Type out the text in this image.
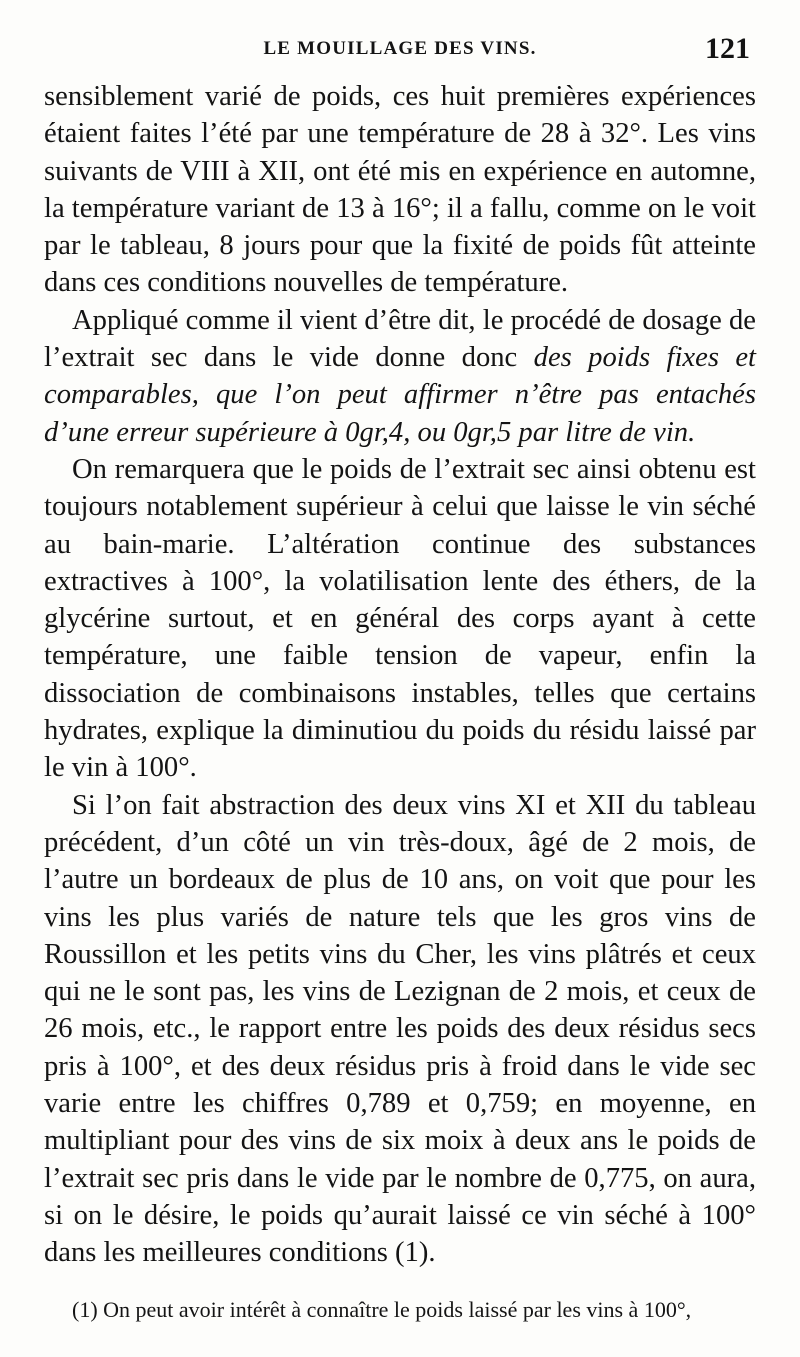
LE MOUILLAGE DES VINS.	121

sensiblement varié de poids, ces huit premières expériences étaient faites l’été par une température de 28 à 32°. Les vins suivants de VIII à XII, ont été mis en expérience en automne, la température variant de 13 à 16°; il a fallu, comme on le voit par le tableau, 8 jours pour que la fixité de poids fût atteinte dans ces conditions nouvelles de température.

Appliqué comme il vient d’être dit, le procédé de dosage de l’extrait sec dans le vide donne donc des poids fixes et comparables, que l’on peut affirmer n’être pas entachés d’une erreur supérieure à 0gr,4, ou 0gr,5 par litre de vin.

On remarquera que le poids de l’extrait sec ainsi obtenu est toujours notablement supérieur à celui que laisse le vin séché au bain-marie. L’altération continue des substances extractives à 100°, la volatilisation lente des éthers, de la glycérine surtout, et en général des corps ayant à cette température, une faible tension de vapeur, enfin la dissociation de combinaisons instables, telles que certains hydrates, explique la diminutiou du poids du résidu laissé par le vin à 100°.

Si l’on fait abstraction des deux vins XI et XII du tableau précédent, d’un côté un vin très-doux, âgé de 2 mois, de l’autre un bordeaux de plus de 10 ans, on voit que pour les vins les plus variés de nature tels que les gros vins de Roussillon et les petits vins du Cher, les vins plâtrés et ceux qui ne le sont pas, les vins de Lezignan de 2 mois, et ceux de 26 mois, etc., le rapport entre les poids des deux résidus secs pris à 100°, et des deux résidus pris à froid dans le vide sec varie entre les chiffres 0,789 et 0,759; en moyenne, en multipliant pour des vins de six moix à deux ans le poids de l’extrait sec pris dans le vide par le nombre de 0,775, on aura, si on le désire, le poids qu’aurait laissé ce vin séché à 100° dans les meilleures conditions (1).

(1) On peut avoir intérêt à connaître le poids laissé par les vins à 100°,
